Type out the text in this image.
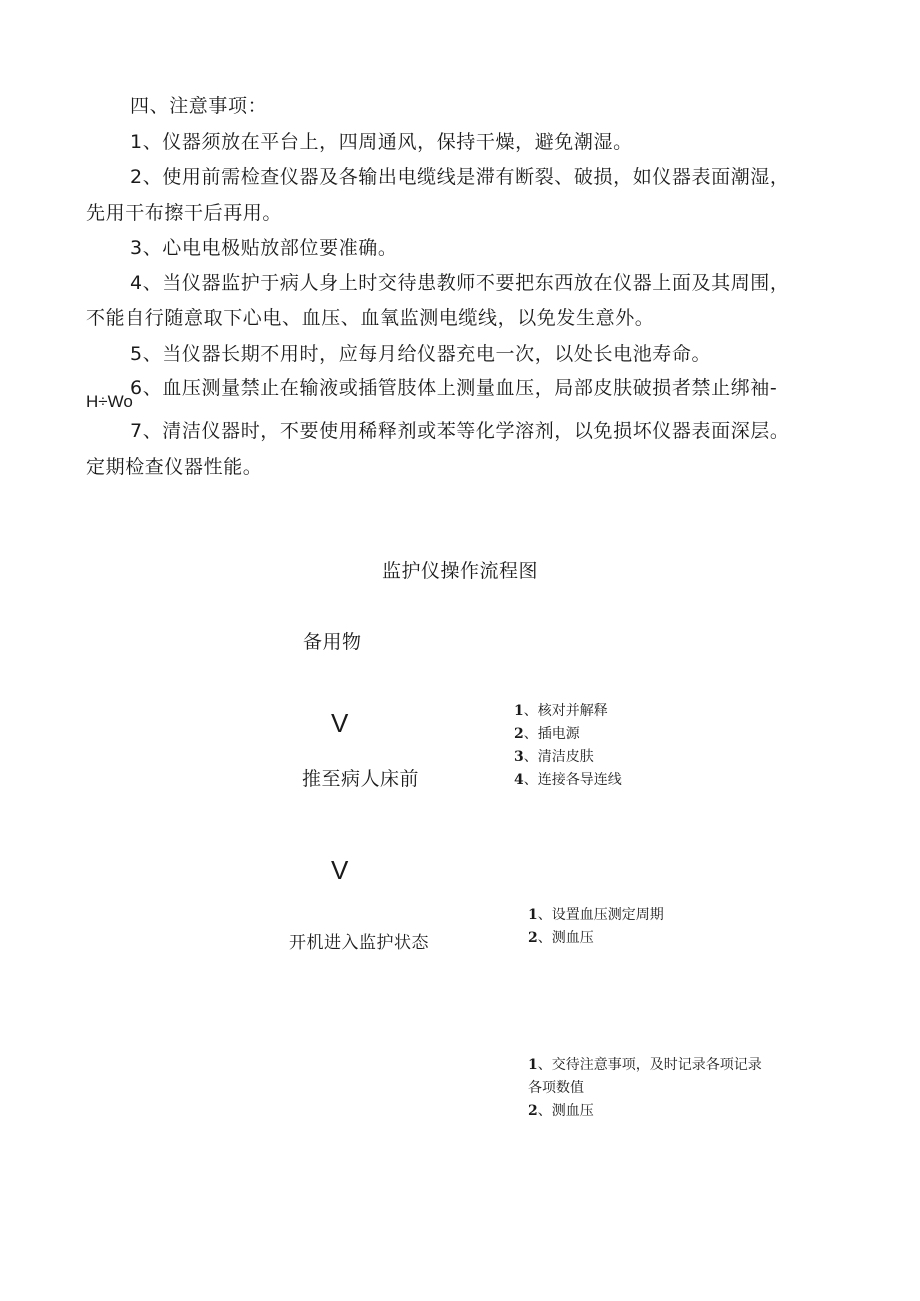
四、注意事项：
1、仪器须放在平台上，四周通风，保持干燥，避免潮湿。
2、使用前需检查仪器及各输出电缆线是滞有断裂、破损，如仪器表面潮湿，
先用干布擦干后再用。
3、心电电极贴放部位要准确。
4、当仪器监护于病人身上时交待患教师不要把东西放在仪器上面及其周围，
不能自行随意取下心电、血压、血氧监测电缆线，以免发生意外。
5、当仪器长期不用时，应每月给仪器充电一次，以处长电池寿命。
6、血压测量禁止在输液或插管肢体上测量血压，局部皮肤破损者禁止绑袖-
H÷Wo
7、清洁仪器时，不要使用稀释剂或苯等化学溶剂，以免损坏仪器表面深层。
定期检查仪器性能。
监护仪操作流程图
备用物
V	1、核对并解释
2、插电源
3、清洁皮肤
4、连接各导连线
推至病人床前
V
1、设置血压测定周期
2、测血压
开机进入监护状态
1、交待注意事项，及时记录各项记录
各项数值
2、测血压
